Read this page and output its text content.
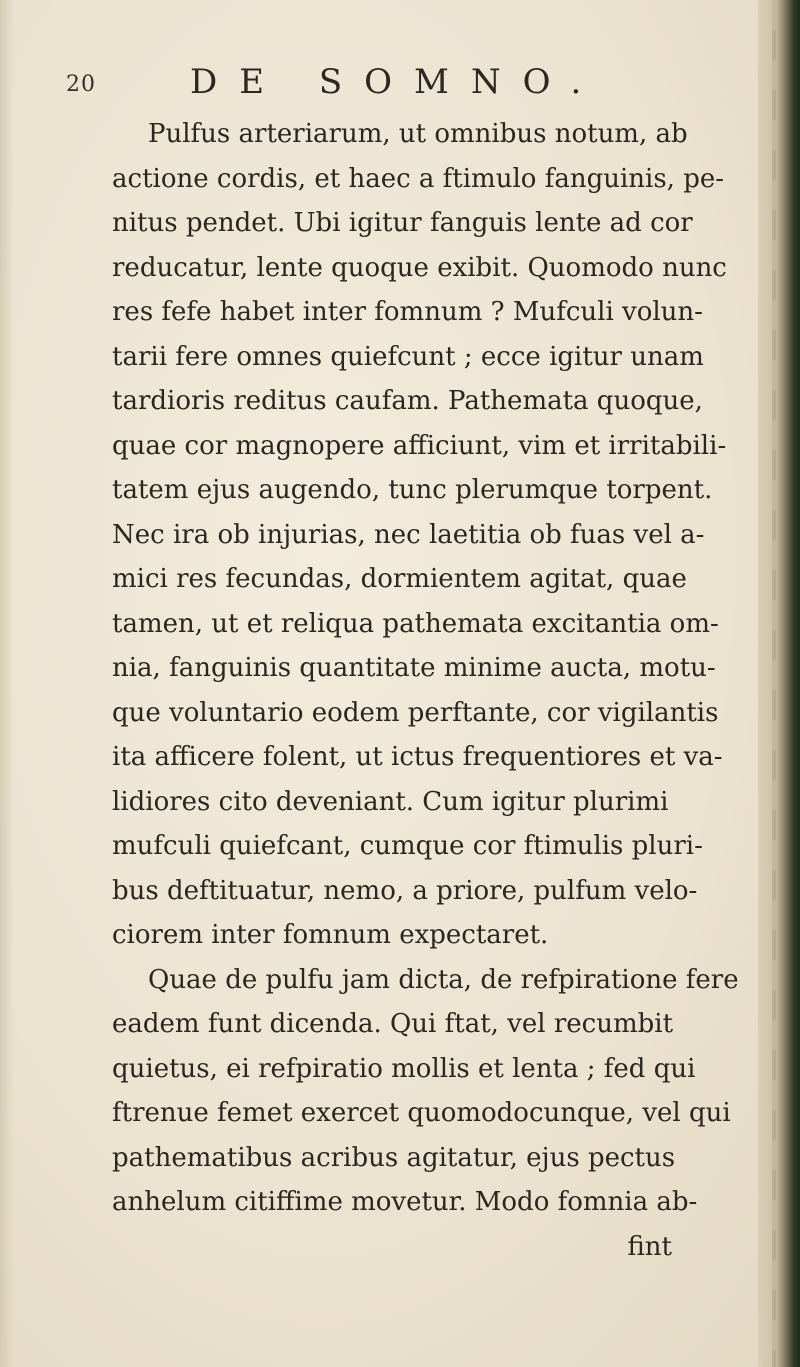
20	DE SOMNO.
Pulfus arteriarum, ut omnibus notum, ab
actione cordis, et haec a ftimulo fanguinis, pe-
nitus pendet. Ubi igitur fanguis lente ad cor
reducatur, lente quoque exibit. Quomodo nunc
res fefe habet inter fomnum ? Mufculi volun-
tarii fere omnes quiefcunt ; ecce igitur unam
tardioris reditus caufam. Pathemata quoque,
quae cor magnopere afficiunt, vim et irritabili-
tatem ejus augendo, tunc plerumque torpent.
Nec ira ob injurias, nec laetitia ob fuas vel a-
mici res fecundas, dormientem agitat, quae
tamen, ut et reliqua pathemata excitantia om-
nia, fanguinis quantitate minime aucta, motu-
que voluntario eodem perftante, cor vigilantis
ita afficere folent, ut ictus frequentiores et va-
lidiores cito deveniant. Cum igitur plurimi
mufculi quiefcant, cumque cor ftimulis pluri-
bus deftituatur, nemo, a priore, pulfum velo-
ciorem inter fomnum expectaret.
Quae de pulfu jam dicta, de refpiratione fere
eadem funt dicenda. Qui ftat, vel recumbit
quietus, ei refpiratio mollis et lenta ; fed qui
ftrenue femet exercet quomodocunque, vel qui
pathematibus acribus agitatur, ejus pectus
anhelum citiffime movetur. Modo fomnia ab-
fint
